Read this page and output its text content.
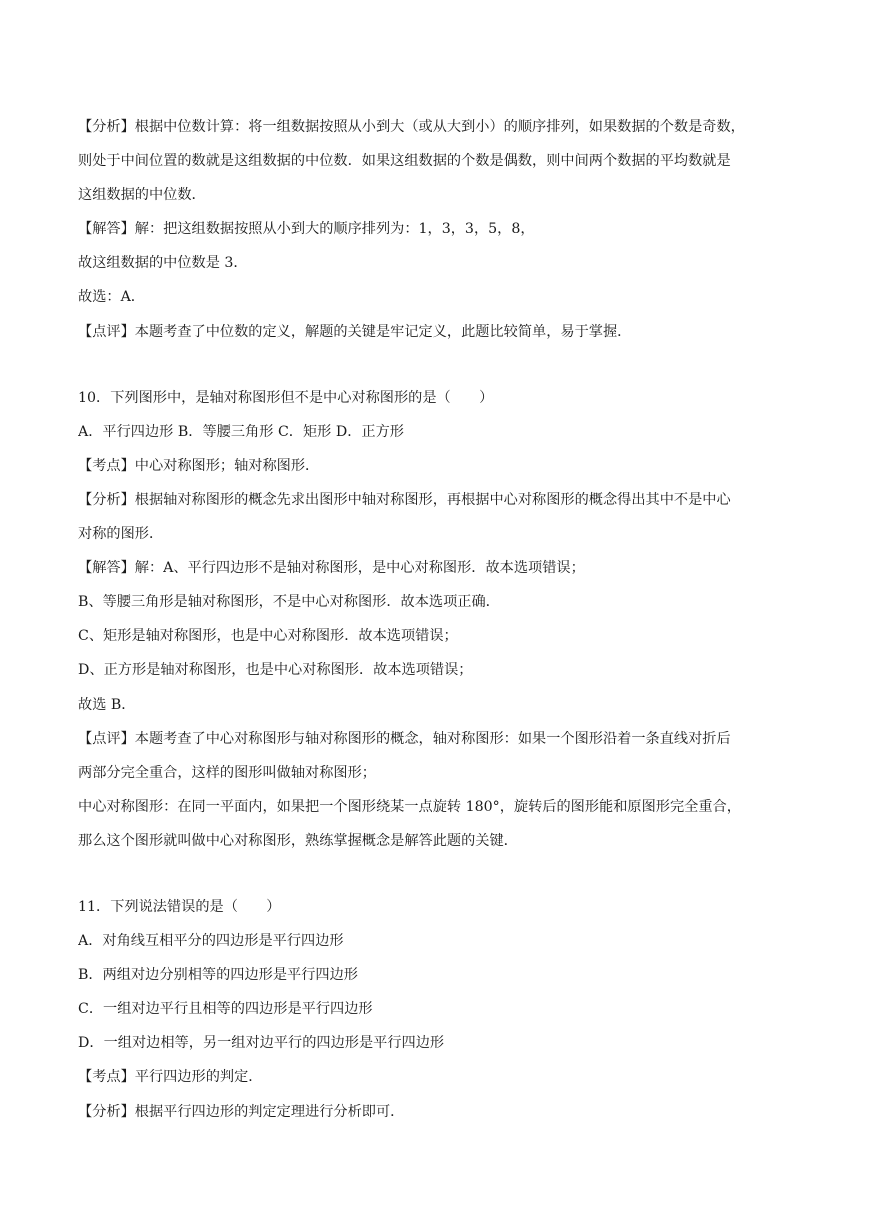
【分析】根据中位数计算：将一组数据按照从小到大（或从大到小）的顺序排列，如果数据的个数是奇数，
则处于中间位置的数就是这组数据的中位数．如果这组数据的个数是偶数，则中间两个数据的平均数就是
这组数据的中位数．
【解答】解：把这组数据按照从小到大的顺序排列为：1，3，3，5，8，
故这组数据的中位数是 3．
故选：A．
【点评】本题考查了中位数的定义，解题的关键是牢记定义，此题比较简单，易于掌握．
10．下列图形中，是轴对称图形但不是中心对称图形的是（　　）
A．平行四边形 B．等腰三角形 C．矩形 D．正方形
【考点】中心对称图形；轴对称图形．
【分析】根据轴对称图形的概念先求出图形中轴对称图形，再根据中心对称图形的概念得出其中不是中心
对称的图形．
【解答】解：A、平行四边形不是轴对称图形，是中心对称图形．故本选项错误；
B、等腰三角形是轴对称图形，不是中心对称图形．故本选项正确．
C、矩形是轴对称图形，也是中心对称图形．故本选项错误；
D、正方形是轴对称图形，也是中心对称图形．故本选项错误；
故选 B．
【点评】本题考查了中心对称图形与轴对称图形的概念，轴对称图形：如果一个图形沿着一条直线对折后
两部分完全重合，这样的图形叫做轴对称图形；
中心对称图形：在同一平面内，如果把一个图形绕某一点旋转 180°，旋转后的图形能和原图形完全重合，
那么这个图形就叫做中心对称图形，熟练掌握概念是解答此题的关键．
11．下列说法错误的是（　　）
A．对角线互相平分的四边形是平行四边形
B．两组对边分别相等的四边形是平行四边形
C．一组对边平行且相等的四边形是平行四边形
D．一组对边相等，另一组对边平行的四边形是平行四边形
【考点】平行四边形的判定．
【分析】根据平行四边形的判定定理进行分析即可．
